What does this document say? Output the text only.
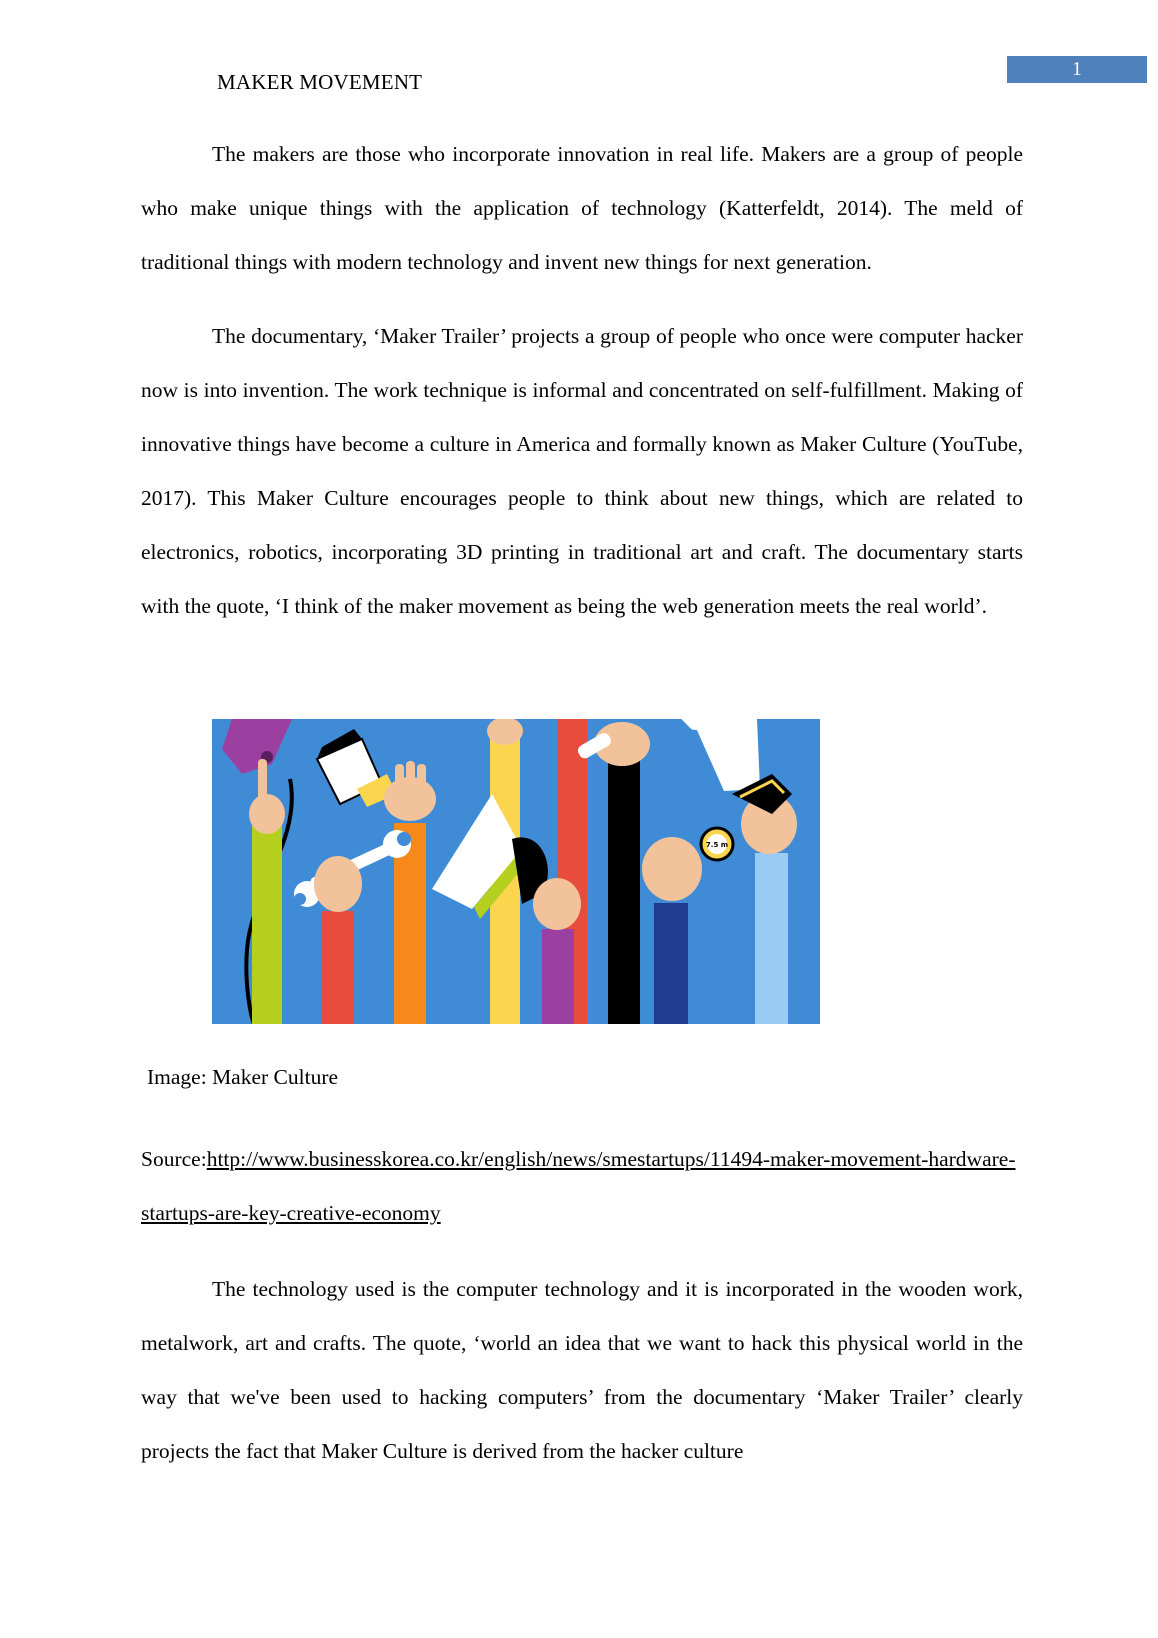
1
MAKER MOVEMENT

The makers are those who incorporate innovation in real life. Makers are a group of people who make unique things with the application of technology (Katterfeldt, 2014). The meld of traditional things with modern technology and invent new things for next generation.

The documentary, ‘Maker Trailer’ projects a group of people who once were computer hacker now is into invention. The work technique is informal and concentrated on self-fulfillment. Making of innovative things have become a culture in America and formally known as Maker Culture (YouTube, 2017). This Maker Culture encourages people to think about new things, which are related to electronics, robotics, incorporating 3D printing in traditional art and craft. The documentary starts with the quote, ‘I think of the maker movement as being the web generation meets the real world’.

7.5 m
Image: Maker Culture

Source:http://www.businesskorea.co.kr/english/news/smestartups/11494-maker-movement-hardware-startups-are-key-creative-economy

The technology used is the computer technology and it is incorporated in the wooden work, metalwork, art and crafts. The quote, ‘world an idea that we want to hack this physical world in the way that we've been used to hacking computers’ from the documentary ‘Maker Trailer’ clearly projects the fact that Maker Culture is derived from the hacker culture
